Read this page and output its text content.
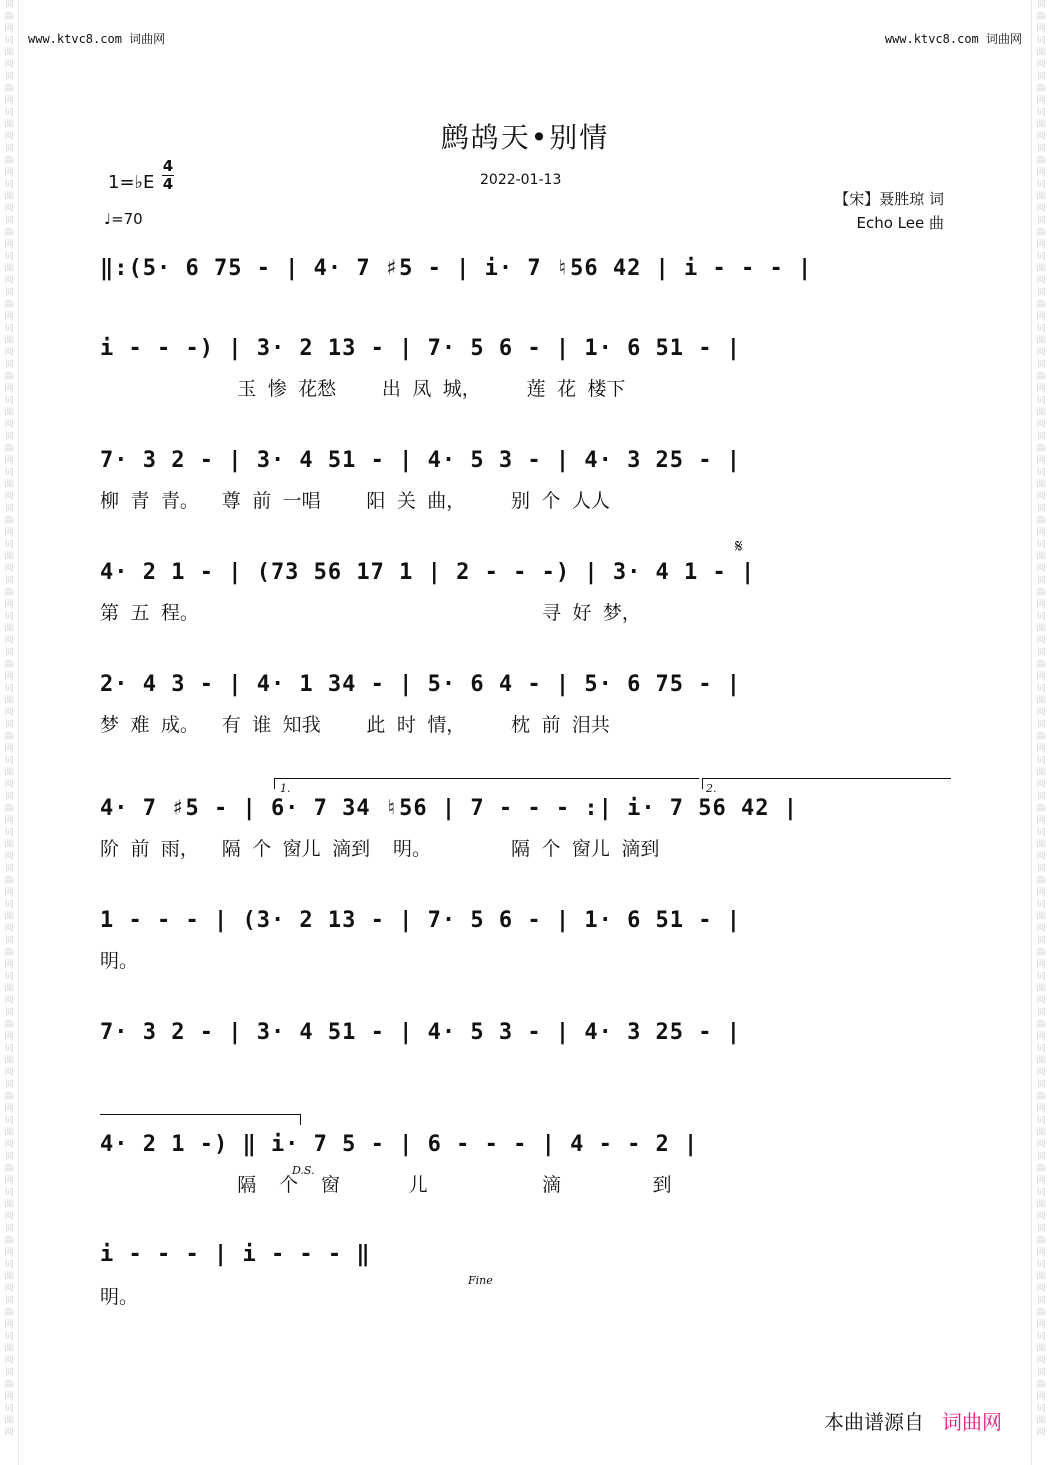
词
曲
网
词
曲
网
词
曲
网
词
曲
网
词
曲
网
词
曲
网
词
曲
网
词
曲
网
词
曲
网
词
曲
网
词
曲
网
词
曲
网
词
曲
网
词
曲
网
词
曲
网
词
曲
网
词
曲
网
词
曲
网
词
曲
网
词
曲
网
词
曲
网
词
曲
网
词
曲
网
词
曲
网
词
曲
网
词
曲
网
词
曲
网
词
曲
网
词
曲
网
词
曲
网
词
曲
网
词
曲
网
词
曲
网
词
曲
网
词
曲
网
词
曲
网
词
曲
网
词
曲
网
词
曲
网
词
曲
网
词
曲
网
词
曲
网
词
曲
网
词
曲
网
词
曲
网
词
曲
网
词
曲
网
词
曲
网
词
曲
网
词
曲
网
词
曲
网
词
曲
网
词
曲
网
词
曲
网
词
曲
网
词
曲
网
词
曲
网
词
曲
网
词
曲
网
词
曲
网
词
曲
网
词
曲
网
词
曲
网
词
曲
网
词
曲
网
词
曲
网
词
曲
网
词
曲
网
词
曲
网
词
曲
网
词
曲
网
词
曲
网
词
曲
网
词
曲
网
词
曲
网
词
曲
网
词
曲
网
词
曲
网
词
曲
网
词
曲
网
www.ktvc8.com 词曲网	www.ktvc8.com 词曲网
鹧鸪天•别情
2022-01-13
1=♭E
4
4
♩=70
【宋】聂胜琼 词
Echo Lee 曲
‖:(5· 6 75 - | 4· 7 ♯5 - | i· 7 ♮56 42 | i - - - |
i - - -) | 3· 2 13 - | 7· 5 6 - | 1· 6 51 - |
玉 惨 花愁    出 凤 城，    莲 花 楼下
7· 3 2 - | 3· 4 51 - | 4· 5 3 - | 4· 3 25 - |
柳 青 青。  尊 前 一唱    阳 关 曲，    别 个 人人
𝄋
4· 2 1 - | (73 56 17 1 | 2 - - -) | 3· 4 1 - |
第 五 程。                              寻 好 梦，
2· 4 3 - | 4· 1 34 - | 5· 6 4 - | 5· 6 75 - |
梦 难 成。  有 谁 知我    此 时 情，    枕 前 泪共
1.	2.
4· 7 ♯5 - | 6· 7 34 ♮56 | 7 - - - :| i· 7 56 42 |
阶 前 雨，  隔 个 窗儿 滴到  明。       隔 个 窗儿 滴到
1 - - - | (3· 2 13 - | 7· 5 6 - | 1· 6 51 - |
明。
7· 3 2 - | 3· 4 51 - | 4· 5 3 - | 4· 3 25 - |
4· 2 1 -) ‖ i· 7 5 - | 6 - - - | 4 - - 2 |
D.S.
隔  个  窗      儿          滴        到
i - - - | i - - - ‖
Fine
明。
本曲谱源自 词曲网
